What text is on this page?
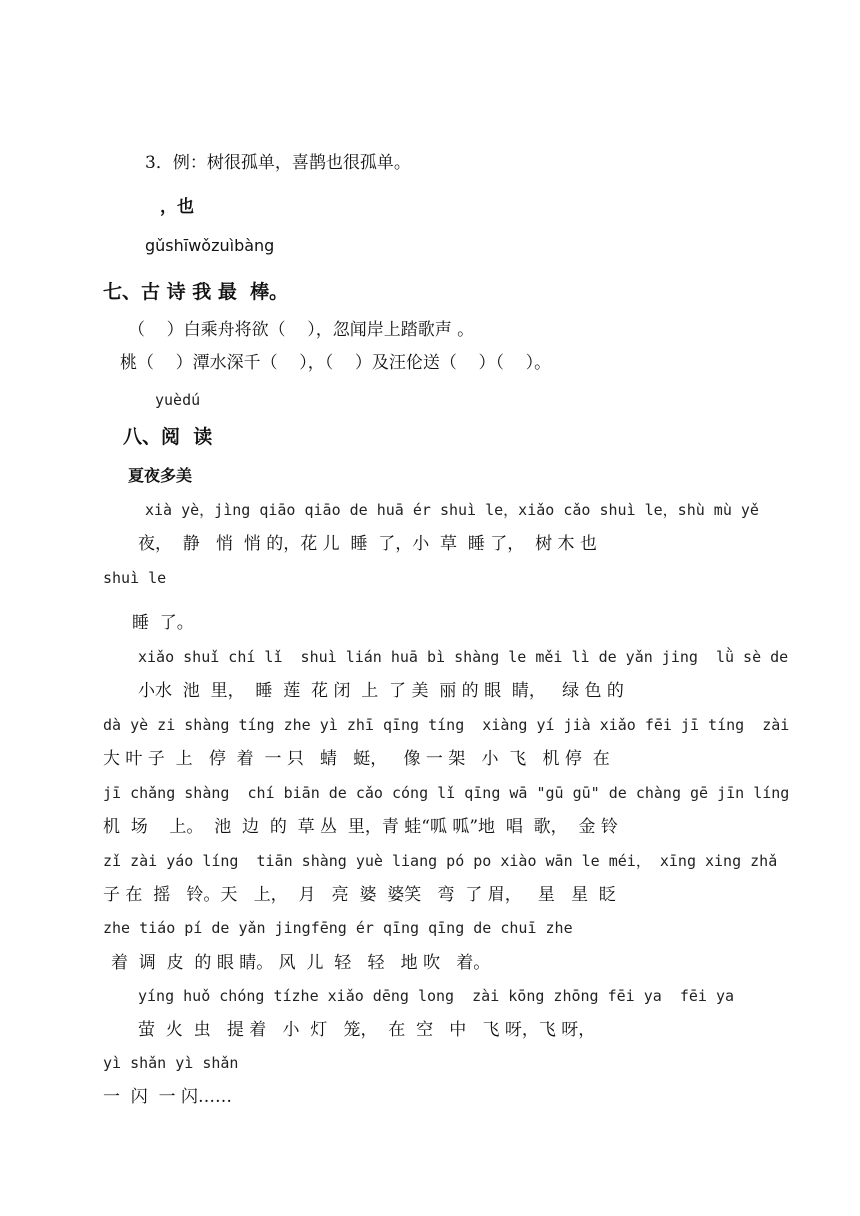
3．例：树很孤单，喜鹊也很孤单。
，也
gǔshīwǒzuìbàng
七、古 诗 我 最  棒。
（    ）白乘舟将欲（    ），忽闻岸上踏歌声 。
桃（    ）潭水深千（    ），（    ）及汪伦送（    ）（    ）。
yuèdú
八、阅  读
夏夜多美
xià yè，jìng qiāo qiāo de huā ér shuì le，xiǎo cǎo shuì le，shù mù yě
夜，  静   悄  悄 的，花 儿  睡  了，小  草  睡 了，  树 木 也
shuì le
睡  了。
xiǎo shuǐ chí lǐ  shuì lián huā bì shàng le měi lì de yǎn jing  lǜ sè de
小水  池  里，  睡  莲  花 闭  上  了 美  丽 的 眼  睛，   绿 色 的
dà yè zi shàng tíng zhe yì zhī qīng tíng  xiàng yí jià xiǎo fēi jī tíng  zài
大 叶 子  上   停  着  一 只   蜻   蜓，   像 一 架   小  飞   机 停  在
jī chǎng shàng  chí biān de cǎo cóng lǐ qīng wā "gū gū" de chàng gē jīn líng
机  场    上。  池  边  的  草 丛  里，青 蛙“呱 呱”地  唱  歌，  金 铃
zǐ zài yáo líng  tiān shàng yuè liang pó po xiào wān le méi， xīng xing zhǎ
子 在  摇   铃。天   上，  月   亮  婆  婆笑   弯  了 眉，   星   星  眨
zhe tiáo pí de yǎn jingfēng ér qīng qīng de chuī zhe
着  调  皮  的 眼 睛。 风  儿  轻   轻   地 吹   着。
yíng huǒ chóng tízhe xiǎo dēng long  zài kōng zhōng fēi ya  fēi ya
萤  火  虫   提 着   小  灯   笼，  在  空   中   飞 呀，飞 呀，
yì shǎn yì shǎn
一  闪  一 闪……
